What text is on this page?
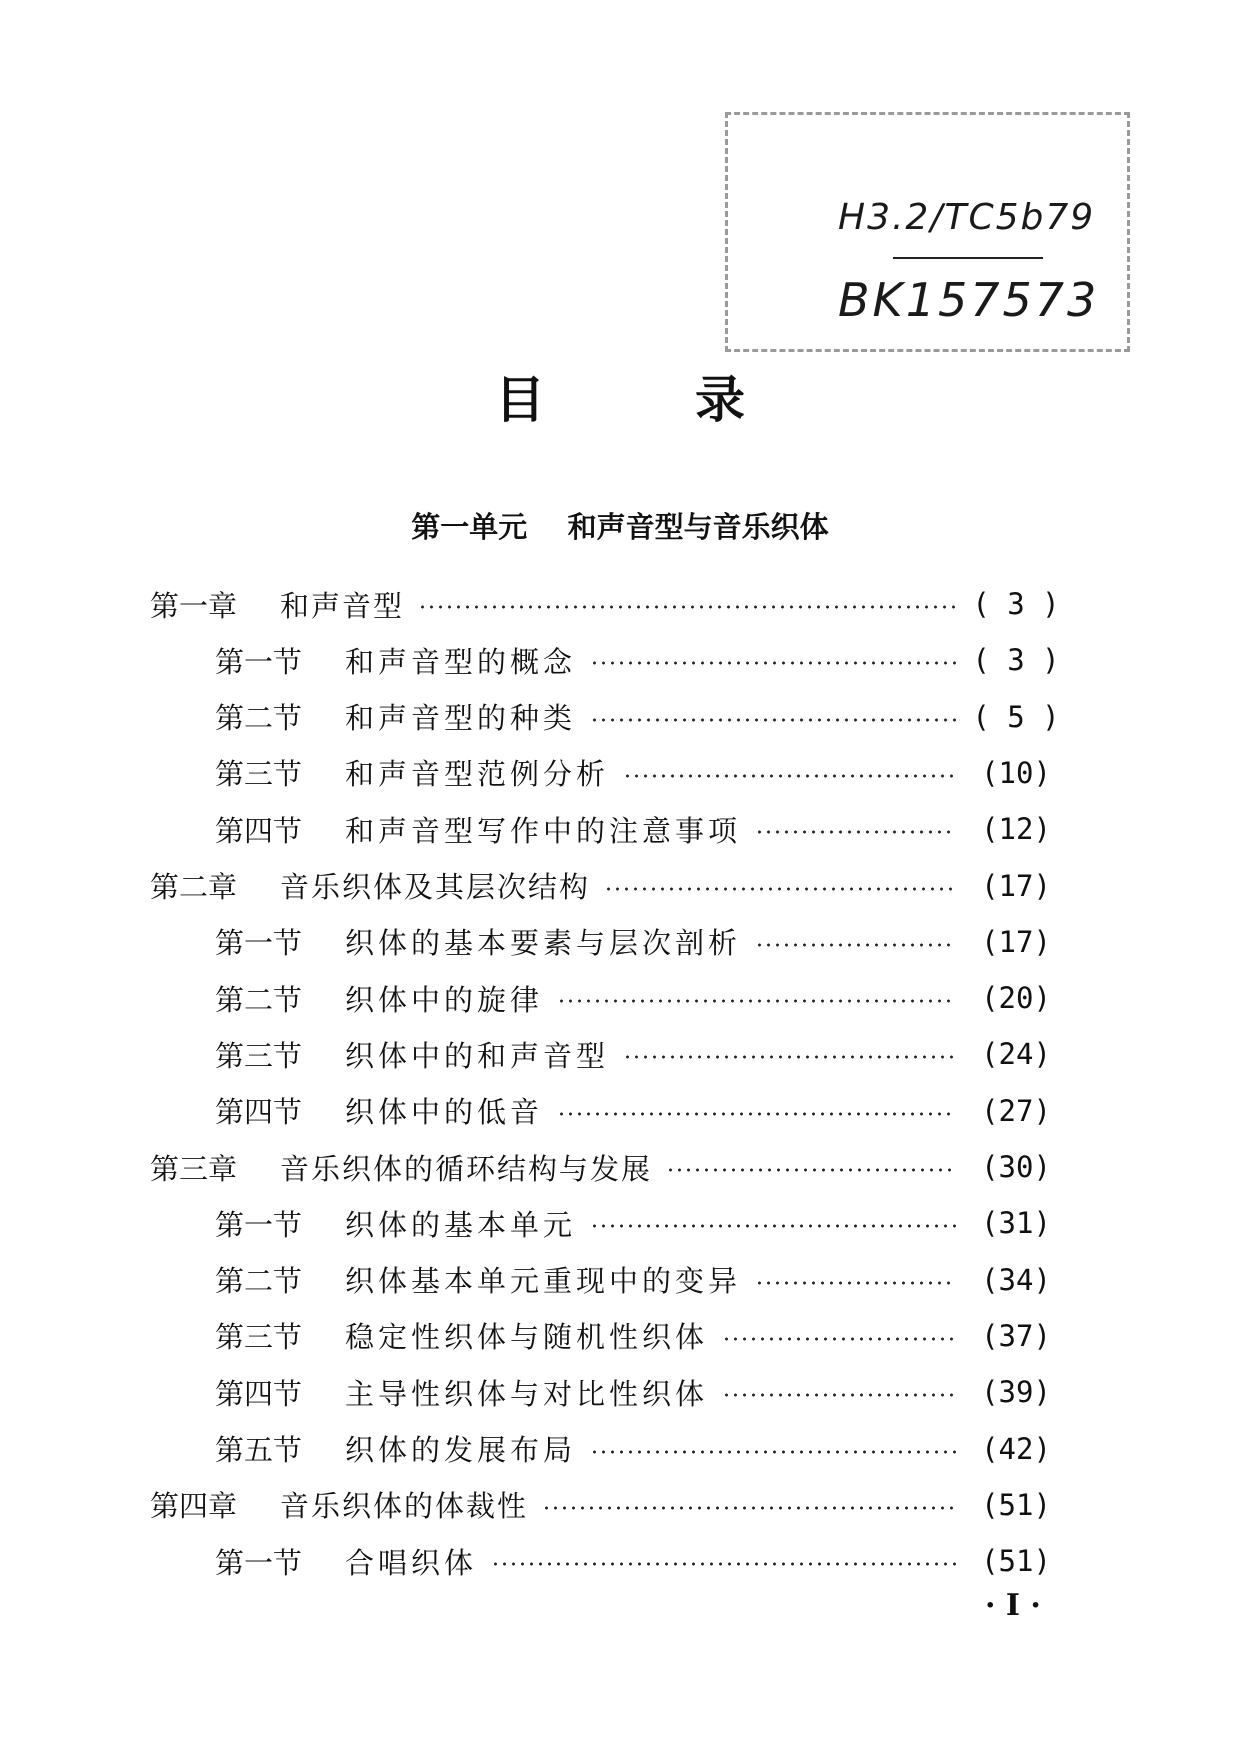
H3.2/TC5b79
BK157573
目	录
第一单元    和声音型与音乐织体
第一章	和声音型	( 3 )
第一节	和声音型的概念	( 3 )
第二节	和声音型的种类	( 5 )
第三节	和声音型范例分析	(10)
第四节	和声音型写作中的注意事项	(12)
第二章	音乐织体及其层次结构	(17)
第一节	织体的基本要素与层次剖析	(17)
第二节	织体中的旋律	(20)
第三节	织体中的和声音型	(24)
第四节	织体中的低音	(27)
第三章	音乐织体的循环结构与发展	(30)
第一节	织体的基本单元	(31)
第二节	织体基本单元重现中的变异	(34)
第三节	稳定性织体与随机性织体	(37)
第四节	主导性织体与对比性织体	(39)
第五节	织体的发展布局	(42)
第四章	音乐织体的体裁性	(51)
第一节	合唱织体	(51)
· I ·
